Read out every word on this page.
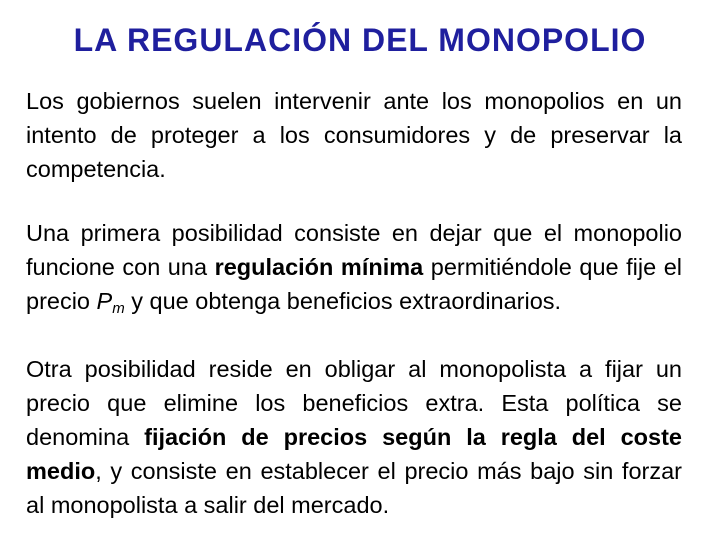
LA REGULACIÓN DEL MONOPOLIO

Los gobiernos suelen intervenir ante los monopolios en un intento de proteger a los consumidores y de preservar la competencia.

Una primera posibilidad consiste en dejar que el monopolio funcione con una regulación mínima permitiéndole que fije el precio $P_m$ y que obtenga beneficios extraordinarios.

Otra posibilidad reside en obligar al monopolista a fijar un precio que elimine los beneficios extra. Esta política se denomina fijación de precios según la regla del coste medio, y consiste en establecer el precio más bajo sin forzar al monopolista a salir del mercado.
